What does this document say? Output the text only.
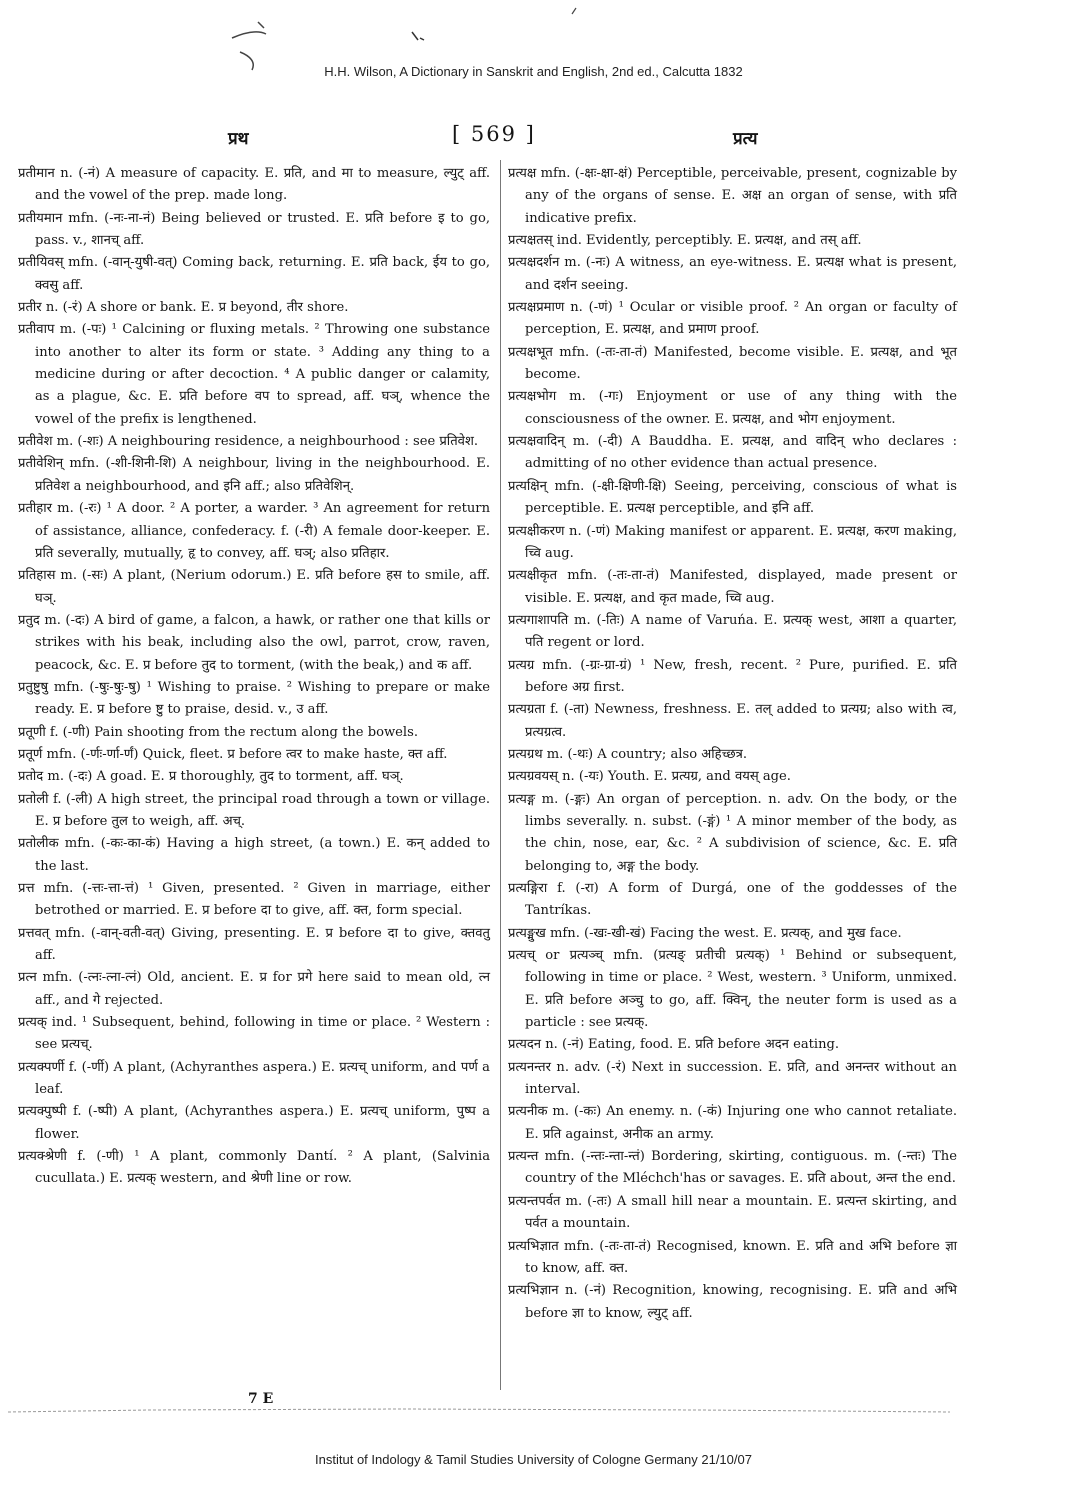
H.H. Wilson, A Dictionary in Sanskrit and English, 2nd ed., Calcutta 1832
प्रथ	[ 569 ]	प्रत्य
प्रतीमान n. (-नं) A measure of capacity. E. प्रति, and मा to measure, ल्युट् aff. and the vowel of the prep. made long.
प्रतीयमान mfn. (-नः-ना-नं) Being believed or trusted. E. प्रति before इ to go, pass. v., शानच् aff.
प्रतीयिवस् mfn. (-वान्-युषी-वत्) Coming back, returning. E. प्रति back, ईय to go, क्वसु aff.
प्रतीर n. (-रं) A shore or bank. E. प्र beyond, तीर shore.
प्रतीवाप m. (-पः) ¹ Calcining or fluxing metals. ² Throwing one substance into another to alter its form or state. ³ Adding any thing to a medicine during or after decoction. ⁴ A public danger or calamity, as a plague, &c. E. प्रति before वप to spread, aff. घञ्, whence the vowel of the prefix is lengthened.
प्रतीवेश m. (-शः) A neighbouring residence, a neighbourhood : see प्रतिवेश.
प्रतीवेशिन् mfn. (-शी-शिनी-शि) A neighbour, living in the neighbourhood. E. प्रतिवेश a neighbourhood, and इनि aff.; also प्रतिवेशिन्.
प्रतीहार m. (-रः) ¹ A door. ² A porter, a warder. ³ An agreement for return of assistance, alliance, confederacy. f. (-री) A female door-keeper. E. प्रति severally, mutually, हृ to convey, aff. घञ्; also प्रतिहार.
प्रतिहास m. (-सः) A plant, (Nerium odorum.) E. प्रति before हस to smile, aff. घञ्.
प्रतुद m. (-दः) A bird of game, a falcon, a hawk, or rather one that kills or strikes with his beak, including also the owl, parrot, crow, raven, peacock, &c. E. प्र before तुद to torment, (with the beak,) and क aff.
प्रतुष्टुषु mfn. (-षुः-षुः-षु) ¹ Wishing to praise. ² Wishing to prepare or make ready. E. प्र before ष्टु to praise, desid. v., उ aff.
प्रतूणी f. (-णी) Pain shooting from the rectum along the bowels.
प्रतूर्ण mfn. (-र्णः-र्णा-र्णं) Quick, fleet. प्र before त्वर to make haste, क्त aff.
प्रतोद m. (-दः) A goad. E. प्र thoroughly, तुद to torment, aff. घञ्.
प्रतोली f. (-ली) A high street, the principal road through a town or village. E. प्र before तुल to weigh, aff. अच्.
प्रतोलीक mfn. (-कः-का-कं) Having a high street, (a town.) E. कन् added to the last.
प्रत्त mfn. (-त्तः-त्ता-त्तं) ¹ Given, presented. ² Given in marriage, either betrothed or married. E. प्र before दा to give, aff. क्त, form special.
प्रत्तवत् mfn. (-वान्-वती-वत्) Giving, presenting. E. प्र before दा to give, क्तवतु aff.
प्रत्न mfn. (-त्नः-त्ना-त्नं) Old, ancient. E. प्र for प्रगे here said to mean old, त्न aff., and गे rejected.
प्रत्यक् ind. ¹ Subsequent, behind, following in time or place. ² Western : see प्रत्यच्.
प्रत्यक्पर्णी f. (-र्णी) A plant, (Achyranthes aspera.) E. प्रत्यच् uniform, and पर्ण a leaf.
प्रत्यक्पुष्पी f. (-ष्पी) A plant, (Achyranthes aspera.) E. प्रत्यच् uniform, पुष्प a flower.
प्रत्यक्श्रेणी f. (-णी) ¹ A plant, commonly Dantí. ² A plant, (Salvinia cucullata.) E. प्रत्यक् western, and श्रेणी line or row.
प्रत्यक्ष mfn. (-क्षः-क्षा-क्षं) Perceptible, perceivable, present, cognizable by any of the organs of sense. E. अक्ष an organ of sense, with प्रति indicative prefix.
प्रत्यक्षतस् ind. Evidently, perceptibly. E. प्रत्यक्ष, and तस् aff.
प्रत्यक्षदर्शन m. (-नः) A witness, an eye-witness. E. प्रत्यक्ष what is present, and दर्शन seeing.
प्रत्यक्षप्रमाण n. (-णं) ¹ Ocular or visible proof. ² An organ or faculty of perception, E. प्रत्यक्ष, and प्रमाण proof.
प्रत्यक्षभूत mfn. (-तः-ता-तं) Manifested, become visible. E. प्रत्यक्ष, and भूत become.
प्रत्यक्षभोग m. (-गः) Enjoyment or use of any thing with the consciousness of the owner. E. प्रत्यक्ष, and भोग enjoyment.
प्रत्यक्षवादिन् m. (-दी) A Bauddha. E. प्रत्यक्ष, and वादिन् who declares : admitting of no other evidence than actual presence.
प्रत्यक्षिन् mfn. (-क्षी-क्षिणी-क्षि) Seeing, perceiving, conscious of what is perceptible. E. प्रत्यक्ष perceptible, and इनि aff.
प्रत्यक्षीकरण n. (-णं) Making manifest or apparent. E. प्रत्यक्ष, करण making, च्वि aug.
प्रत्यक्षीकृत mfn. (-तः-ता-तं) Manifested, displayed, made present or visible. E. प्रत्यक्ष, and कृत made, च्वि aug.
प्रत्यगाशापति m. (-तिः) A name of Varuńa. E. प्रत्यक् west, आशा a quarter, पति regent or lord.
प्रत्यग्र mfn. (-ग्रः-ग्रा-ग्रं) ¹ New, fresh, recent. ² Pure, purified. E. प्रति before अग्र first.
प्रत्यग्रता f. (-ता) Newness, freshness. E. तल् added to प्रत्यग्र; also with त्व, प्रत्यग्रत्व.
प्रत्यग्रथ m. (-थः) A country; also अहिच्छत्र.
प्रत्यग्रवयस् n. (-यः) Youth. E. प्रत्यग्र, and वयस् age.
प्रत्यङ्ग m. (-ङ्गः) An organ of perception. n. adv. On the body, or the limbs severally. n. subst. (-ङ्गं) ¹ A minor member of the body, as the chin, nose, ear, &c. ² A subdivision of science, &c. E. प्रति belonging to, अङ्ग the body.
प्रत्यङ्गिरा f. (-रा) A form of Durgá, one of the goddesses of the Tantríkas.
प्रत्यङ्मुख mfn. (-खः-खी-खं) Facing the west. E. प्रत्यक्, and मुख face.
प्रत्यच् or प्रत्यञ्च् mfn. (प्रत्यङ् प्रतीची प्रत्यक्) ¹ Behind or subsequent, following in time or place. ² West, western. ³ Uniform, unmixed. E. प्रति before अञ्चु to go, aff. क्विन्, the neuter form is used as a particle : see प्रत्यक्.
प्रत्यदन n. (-नं) Eating, food. E. प्रति before अदन eating.
प्रत्यनन्तर n. adv. (-रं) Next in succession. E. प्रति, and अनन्तर without an interval.
प्रत्यनीक m. (-कः) An enemy. n. (-कं) Injuring one who cannot retaliate. E. प्रति against, अनीक an army.
प्रत्यन्त mfn. (-न्तः-न्ता-न्तं) Bordering, skirting, contiguous. m. (-न्तः) The country of the Mléchch'has or savages. E. प्रति about, अन्त the end.
प्रत्यन्तपर्वत m. (-तः) A small hill near a mountain. E. प्रत्यन्त skirting, and पर्वत a mountain.
प्रत्यभिज्ञात mfn. (-तः-ता-तं) Recognised, known. E. प्रति and अभि before ज्ञा to know, aff. क्त.
प्रत्यभिज्ञान n. (-नं) Recognition, knowing, recognising. E. प्रति and अभि before ज्ञा to know, ल्युट् aff.
7 E
Institut of Indology & Tamil Studies University of Cologne Germany 21/10/07
